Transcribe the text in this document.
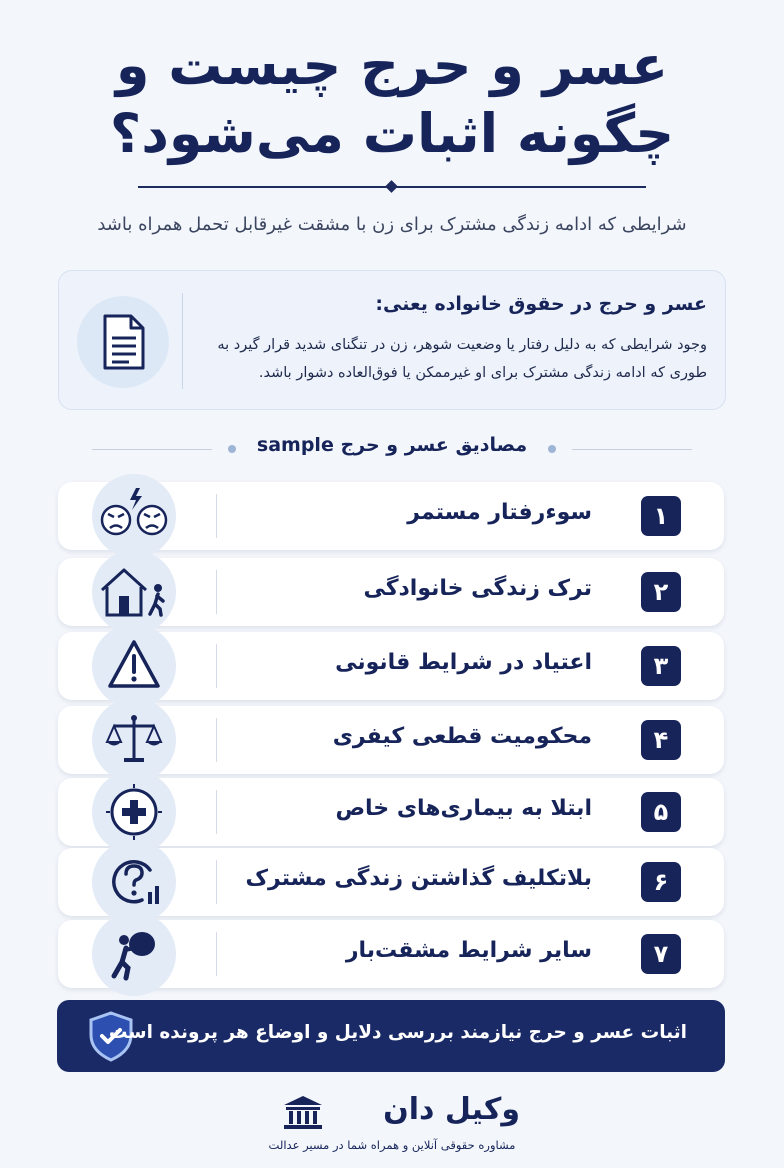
عسر و حرج چیست و
چگونه اثبات می‌شود؟
شرایطی که ادامه زندگی مشترک برای زن با مشقت غیرقابل تحمل همراه باشد
عسر و حرج در حقوق خانواده یعنی:
وجود شرایطی که به دلیل رفتار یا وضعیت شوهر، زن در تنگنای شدید قرار گیرد به طوری که ادامه زندگی مشترک برای او غیرممکن یا فوق‌العاده دشوار باشد.
مصادیق عسر و حرج sample
۱
سوءرفتار مستمر
۲
ترک زندگی خانوادگی
۳
اعتیاد در شرایط قانونی
۴
محکومیت قطعی کیفری
۵
ابتلا به بیماری‌های خاص
۶
بلاتکلیف گذاشتن زندگی مشترک
۷
سایر شرایط مشقت‌بار
اثبات عسر و حرج نیازمند بررسی دلایل و اوضاع هر پرونده است
وکیل دان
مشاوره حقوقی آنلاین و همراه شما در مسیر عدالت
